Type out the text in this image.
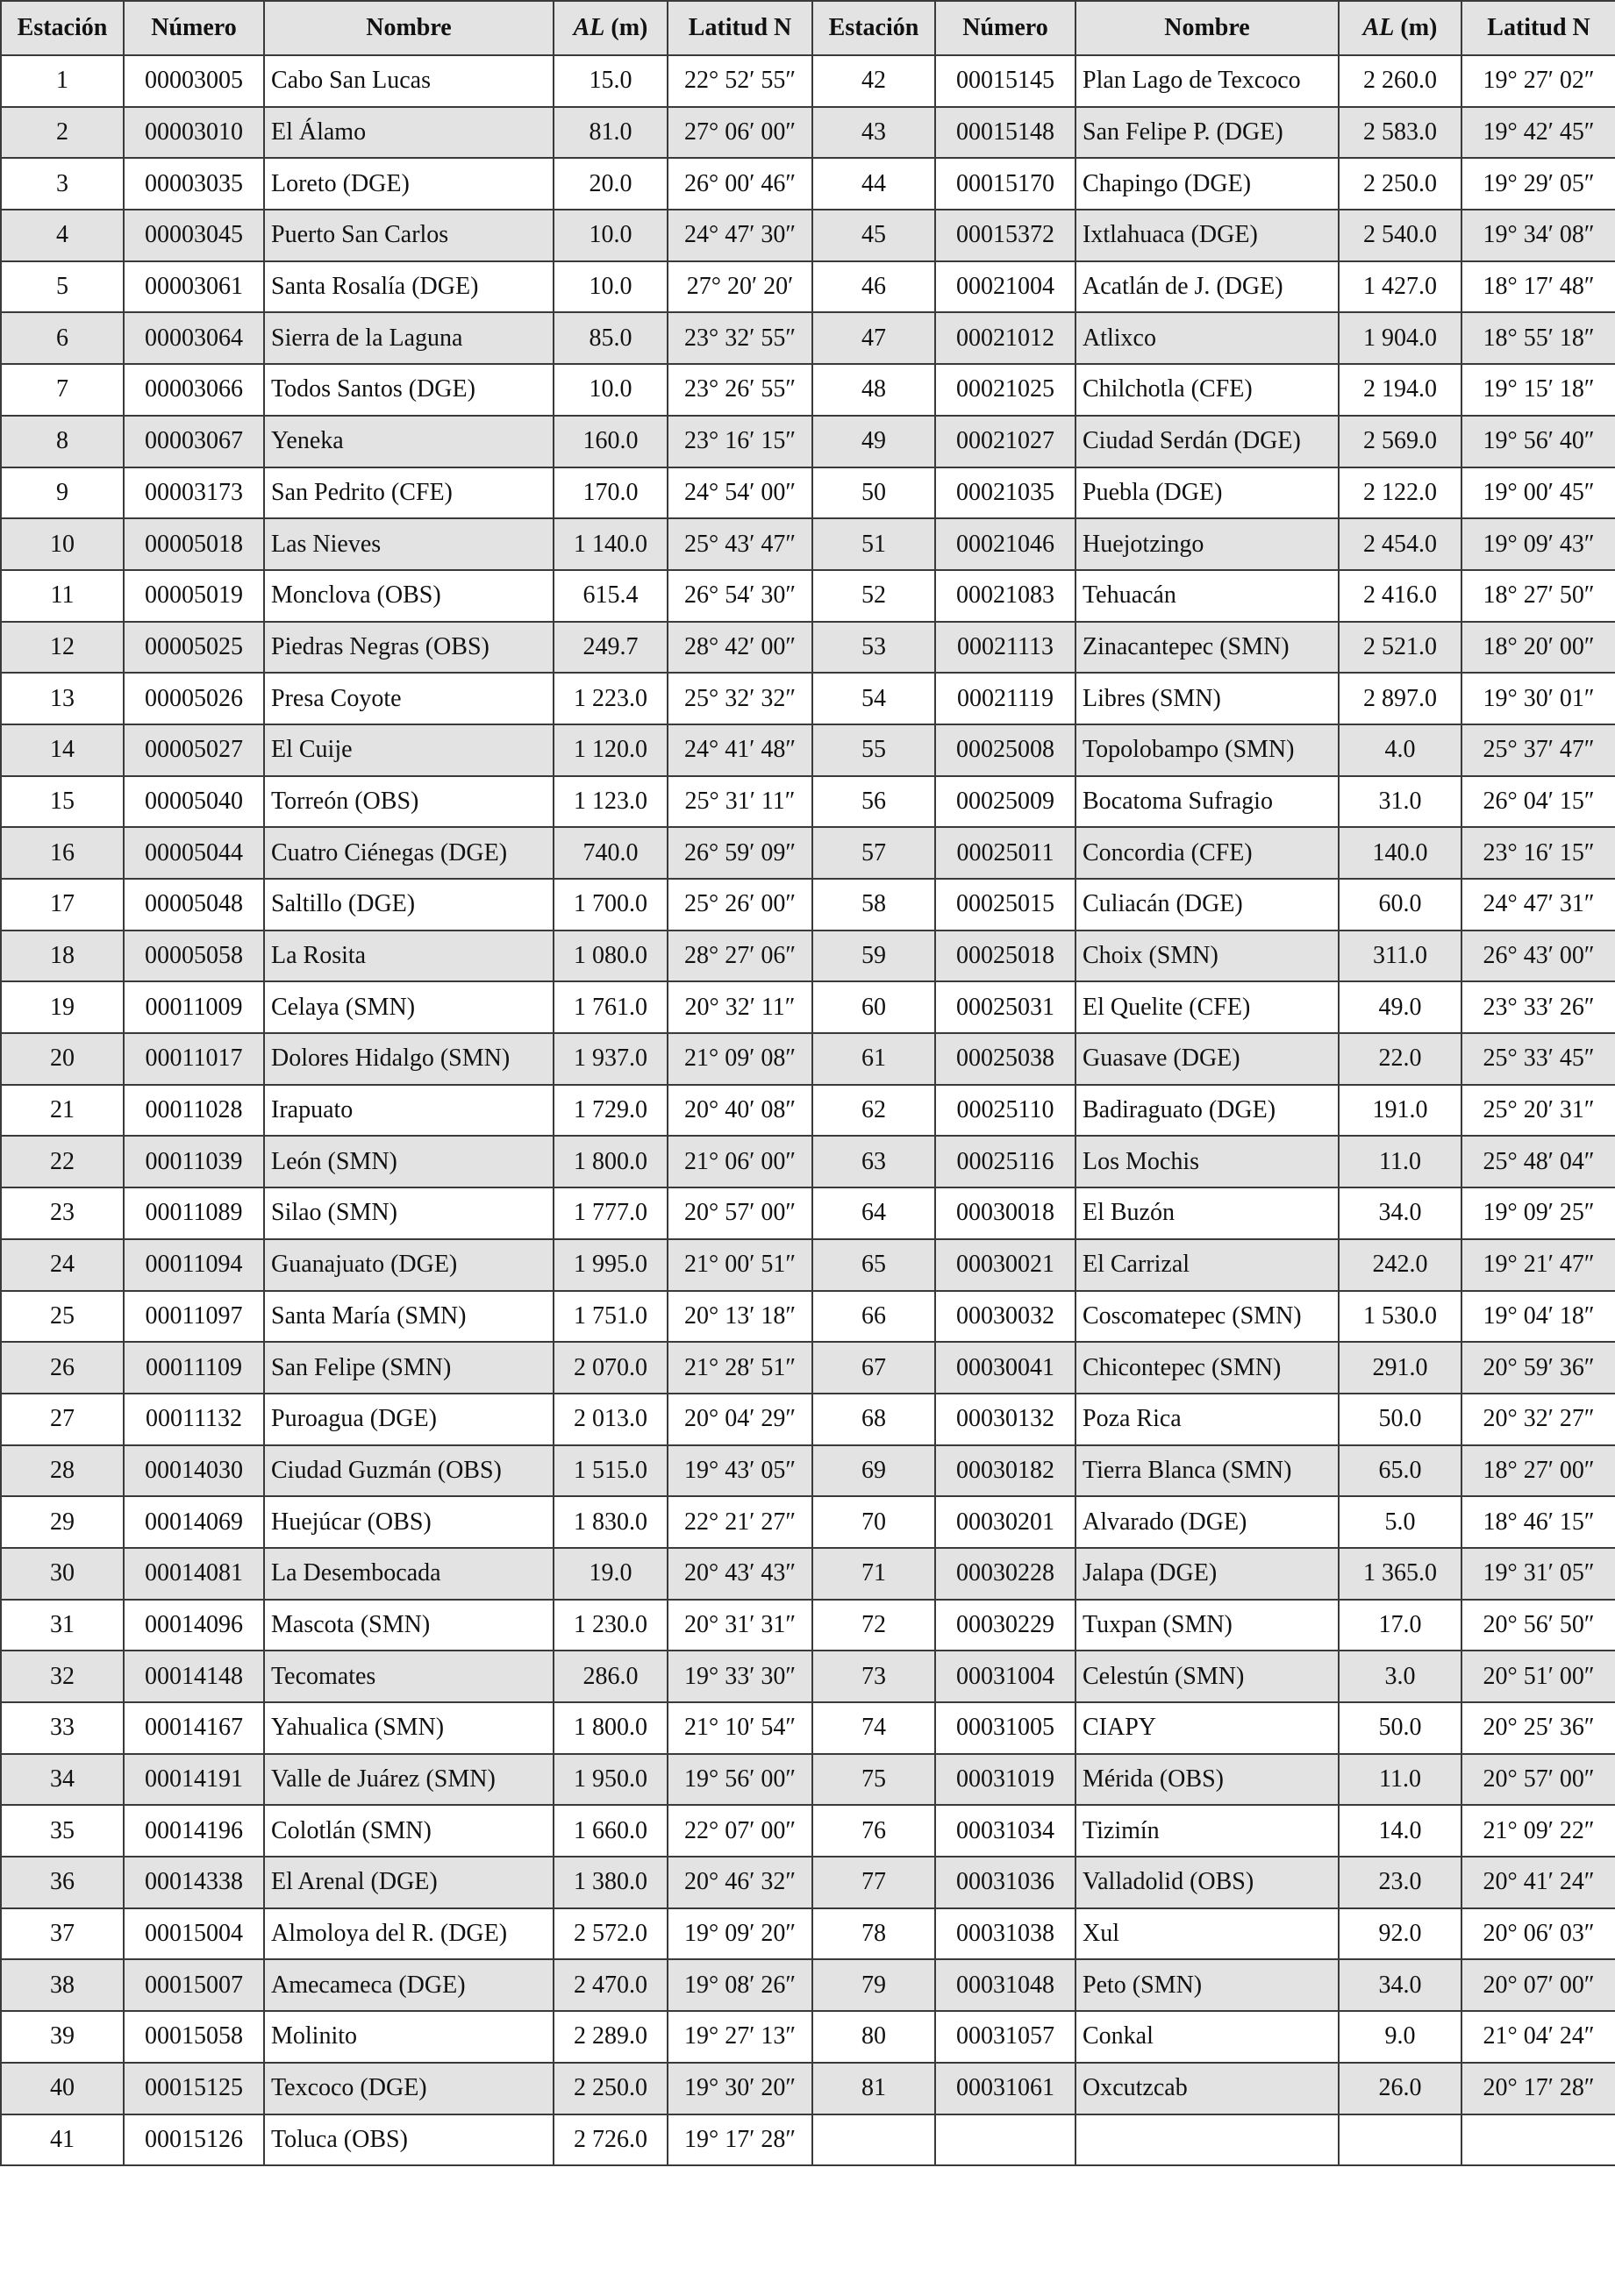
Estación	Número	Nombre	AL (m)	Latitud N	Estación	Número	Nombre	AL (m)	Latitud N
1	00003005	Cabo San Lucas	15.0	22° 52′ 55″	42	00015145	Plan Lago de Texcoco	2 260.0	19° 27′ 02″
2	00003010	El Álamo	81.0	27° 06′ 00″	43	00015148	San Felipe P. (DGE)	2 583.0	19° 42′ 45″
3	00003035	Loreto (DGE)	20.0	26° 00′ 46″	44	00015170	Chapingo (DGE)	2 250.0	19° 29′ 05″
4	00003045	Puerto San Carlos	10.0	24° 47′ 30″	45	00015372	Ixtlahuaca (DGE)	2 540.0	19° 34′ 08″
5	00003061	Santa Rosalía (DGE)	10.0	27° 20′ 20′	46	00021004	Acatlán de J. (DGE)	1 427.0	18° 17′ 48″
6	00003064	Sierra de la Laguna	85.0	23° 32′ 55″	47	00021012	Atlixco	1 904.0	18° 55′ 18″
7	00003066	Todos Santos (DGE)	10.0	23° 26′ 55″	48	00021025	Chilchotla (CFE)	2 194.0	19° 15′ 18″
8	00003067	Yeneka	160.0	23° 16′ 15″	49	00021027	Ciudad Serdán (DGE)	2 569.0	19° 56′ 40″
9	00003173	San Pedrito (CFE)	170.0	24° 54′ 00″	50	00021035	Puebla (DGE)	2 122.0	19° 00′ 45″
10	00005018	Las Nieves	1 140.0	25° 43′ 47″	51	00021046	Huejotzingo	2 454.0	19° 09′ 43″
11	00005019	Monclova (OBS)	615.4	26° 54′ 30″	52	00021083	Tehuacán	2 416.0	18° 27′ 50″
12	00005025	Piedras Negras (OBS)	249.7	28° 42′ 00″	53	00021113	Zinacantepec (SMN)	2 521.0	18° 20′ 00″
13	00005026	Presa Coyote	1 223.0	25° 32′ 32″	54	00021119	Libres (SMN)	2 897.0	19° 30′ 01″
14	00005027	El Cuije	1 120.0	24° 41′ 48″	55	00025008	Topolobampo (SMN)	4.0	25° 37′ 47″
15	00005040	Torreón (OBS)	1 123.0	25° 31′ 11″	56	00025009	Bocatoma Sufragio	31.0	26° 04′ 15″
16	00005044	Cuatro Ciénegas (DGE)	740.0	26° 59′ 09″	57	00025011	Concordia (CFE)	140.0	23° 16′ 15″
17	00005048	Saltillo (DGE)	1 700.0	25° 26′ 00″	58	00025015	Culiacán (DGE)	60.0	24° 47′ 31″
18	00005058	La Rosita	1 080.0	28° 27′ 06″	59	00025018	Choix (SMN)	311.0	26° 43′ 00″
19	00011009	Celaya (SMN)	1 761.0	20° 32′ 11″	60	00025031	El Quelite (CFE)	49.0	23° 33′ 26″
20	00011017	Dolores Hidalgo (SMN)	1 937.0	21° 09′ 08″	61	00025038	Guasave (DGE)	22.0	25° 33′ 45″
21	00011028	Irapuato	1 729.0	20° 40′ 08″	62	00025110	Badiraguato (DGE)	191.0	25° 20′ 31″
22	00011039	León (SMN)	1 800.0	21° 06′ 00″	63	00025116	Los Mochis	11.0	25° 48′ 04″
23	00011089	Silao (SMN)	1 777.0	20° 57′ 00″	64	00030018	El Buzón	34.0	19° 09′ 25″
24	00011094	Guanajuato (DGE)	1 995.0	21° 00′ 51″	65	00030021	El Carrizal	242.0	19° 21′ 47″
25	00011097	Santa María (SMN)	1 751.0	20° 13′ 18″	66	00030032	Coscomatepec (SMN)	1 530.0	19° 04′ 18″
26	00011109	San Felipe (SMN)	2 070.0	21° 28′ 51″	67	00030041	Chicontepec (SMN)	291.0	20° 59′ 36″
27	00011132	Puroagua (DGE)	2 013.0	20° 04′ 29″	68	00030132	Poza Rica	50.0	20° 32′ 27″
28	00014030	Ciudad Guzmán (OBS)	1 515.0	19° 43′ 05″	69	00030182	Tierra Blanca (SMN)	65.0	18° 27′ 00″
29	00014069	Huejúcar (OBS)	1 830.0	22° 21′ 27″	70	00030201	Alvarado (DGE)	5.0	18° 46′ 15″
30	00014081	La Desembocada	19.0	20° 43′ 43″	71	00030228	Jalapa (DGE)	1 365.0	19° 31′ 05″
31	00014096	Mascota (SMN)	1 230.0	20° 31′ 31″	72	00030229	Tuxpan (SMN)	17.0	20° 56′ 50″
32	00014148	Tecomates	286.0	19° 33′ 30″	73	00031004	Celestún (SMN)	3.0	20° 51′ 00″
33	00014167	Yahualica (SMN)	1 800.0	21° 10′ 54″	74	00031005	CIAPY	50.0	20° 25′ 36″
34	00014191	Valle de Juárez (SMN)	1 950.0	19° 56′ 00″	75	00031019	Mérida (OBS)	11.0	20° 57′ 00″
35	00014196	Colotlán (SMN)	1 660.0	22° 07′ 00″	76	00031034	Tizimín	14.0	21° 09′ 22″
36	00014338	El Arenal (DGE)	1 380.0	20° 46′ 32″	77	00031036	Valladolid (OBS)	23.0	20° 41′ 24″
37	00015004	Almoloya del R. (DGE)	2 572.0	19° 09′ 20″	78	00031038	Xul	92.0	20° 06′ 03″
38	00015007	Amecameca (DGE)	2 470.0	19° 08′ 26″	79	00031048	Peto (SMN)	34.0	20° 07′ 00″
39	00015058	Molinito	2 289.0	19° 27′ 13″	80	00031057	Conkal	9.0	21° 04′ 24″
40	00015125	Texcoco (DGE)	2 250.0	19° 30′ 20″	81	00031061	Oxcutzcab	26.0	20° 17′ 28″
41	00015126	Toluca (OBS)	2 726.0	19° 17′ 28″					
